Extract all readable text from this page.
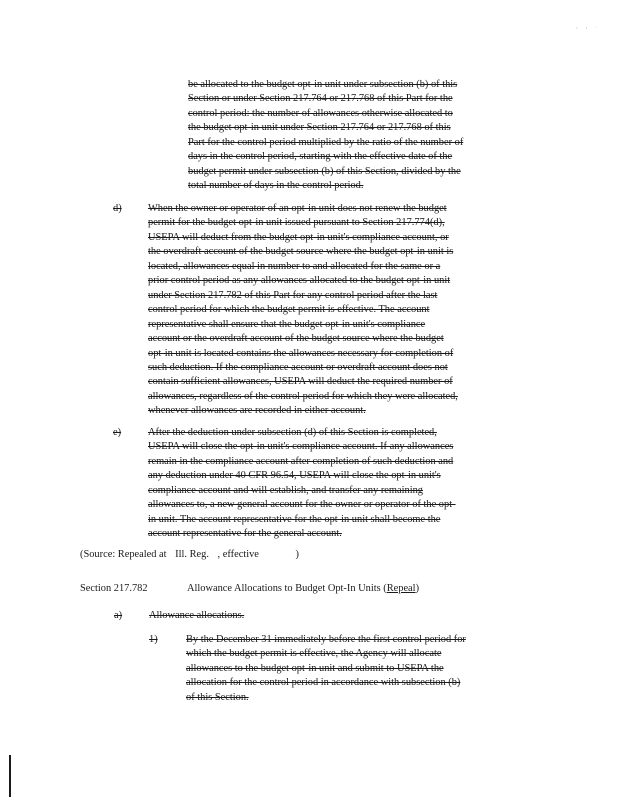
‹ › ·

be allocated to the budget opt-in unit under subsection (b) of this

Section or under Section 217.764 or 217.768 of this Part for the

control period: the number of allowances otherwise allocated to

the budget opt-in unit under Section 217.764 or 217.768 of this

Part for the control period multiplied by the ratio of the number of

days in the control period, starting with the effective date of the

budget permit under subsection (b) of this Section, divided by the

total number of days in the control period.

d)	When the owner or operator of an opt-in unit does not renew the budget

permit for the budget opt-in unit issued pursuant to Section 217.774(d),

USEPA will deduct from the budget opt-in unit's compliance account, or

the overdraft account of the budget source where the budget opt-in unit is

located, allowances equal in number to and allocated for the same or a

prior control period as any allowances allocated to the budget opt-in unit

under Section 217.782 of this Part for any control period after the last

control period for which the budget permit is effective. The account

representative shall ensure that the budget opt-in unit's compliance

account or the overdraft account of the budget source where the budget

opt-in unit is located contains the allowances necessary for completion of

such deduction. If the compliance account or overdraft account does not

contain sufficient allowances, USEPA will deduct the required number of

allowances, regardless of the control period for which they were allocated,

whenever allowances are recorded in either account.

e)	After the deduction under subsection (d) of this Section is completed,

USEPA will close the opt-in unit's compliance account. If any allowances

remain in the compliance account after completion of such deduction and

any deduction under 40 CFR 96.54, USEPA will close the opt-in unit's

compliance account and will establish, and transfer any remaining

allowances to, a new general account for the owner or operator of the opt-

in unit. The account representative for the opt-in unit shall become the

account representative for the general account.

(Source: Repealed at Ill. Reg. , effective	)
Section 217.782	Allowance Allocations to Budget Opt-In Units (Repeal)
a)	Allowance allocations.
1)	By the December 31 immediately before the first control period for

which the budget permit is effective, the Agency will allocate

allowances to the budget opt-in unit and submit to USEPA the

allocation for the control period in accordance with subsection (b)

of this Section.
